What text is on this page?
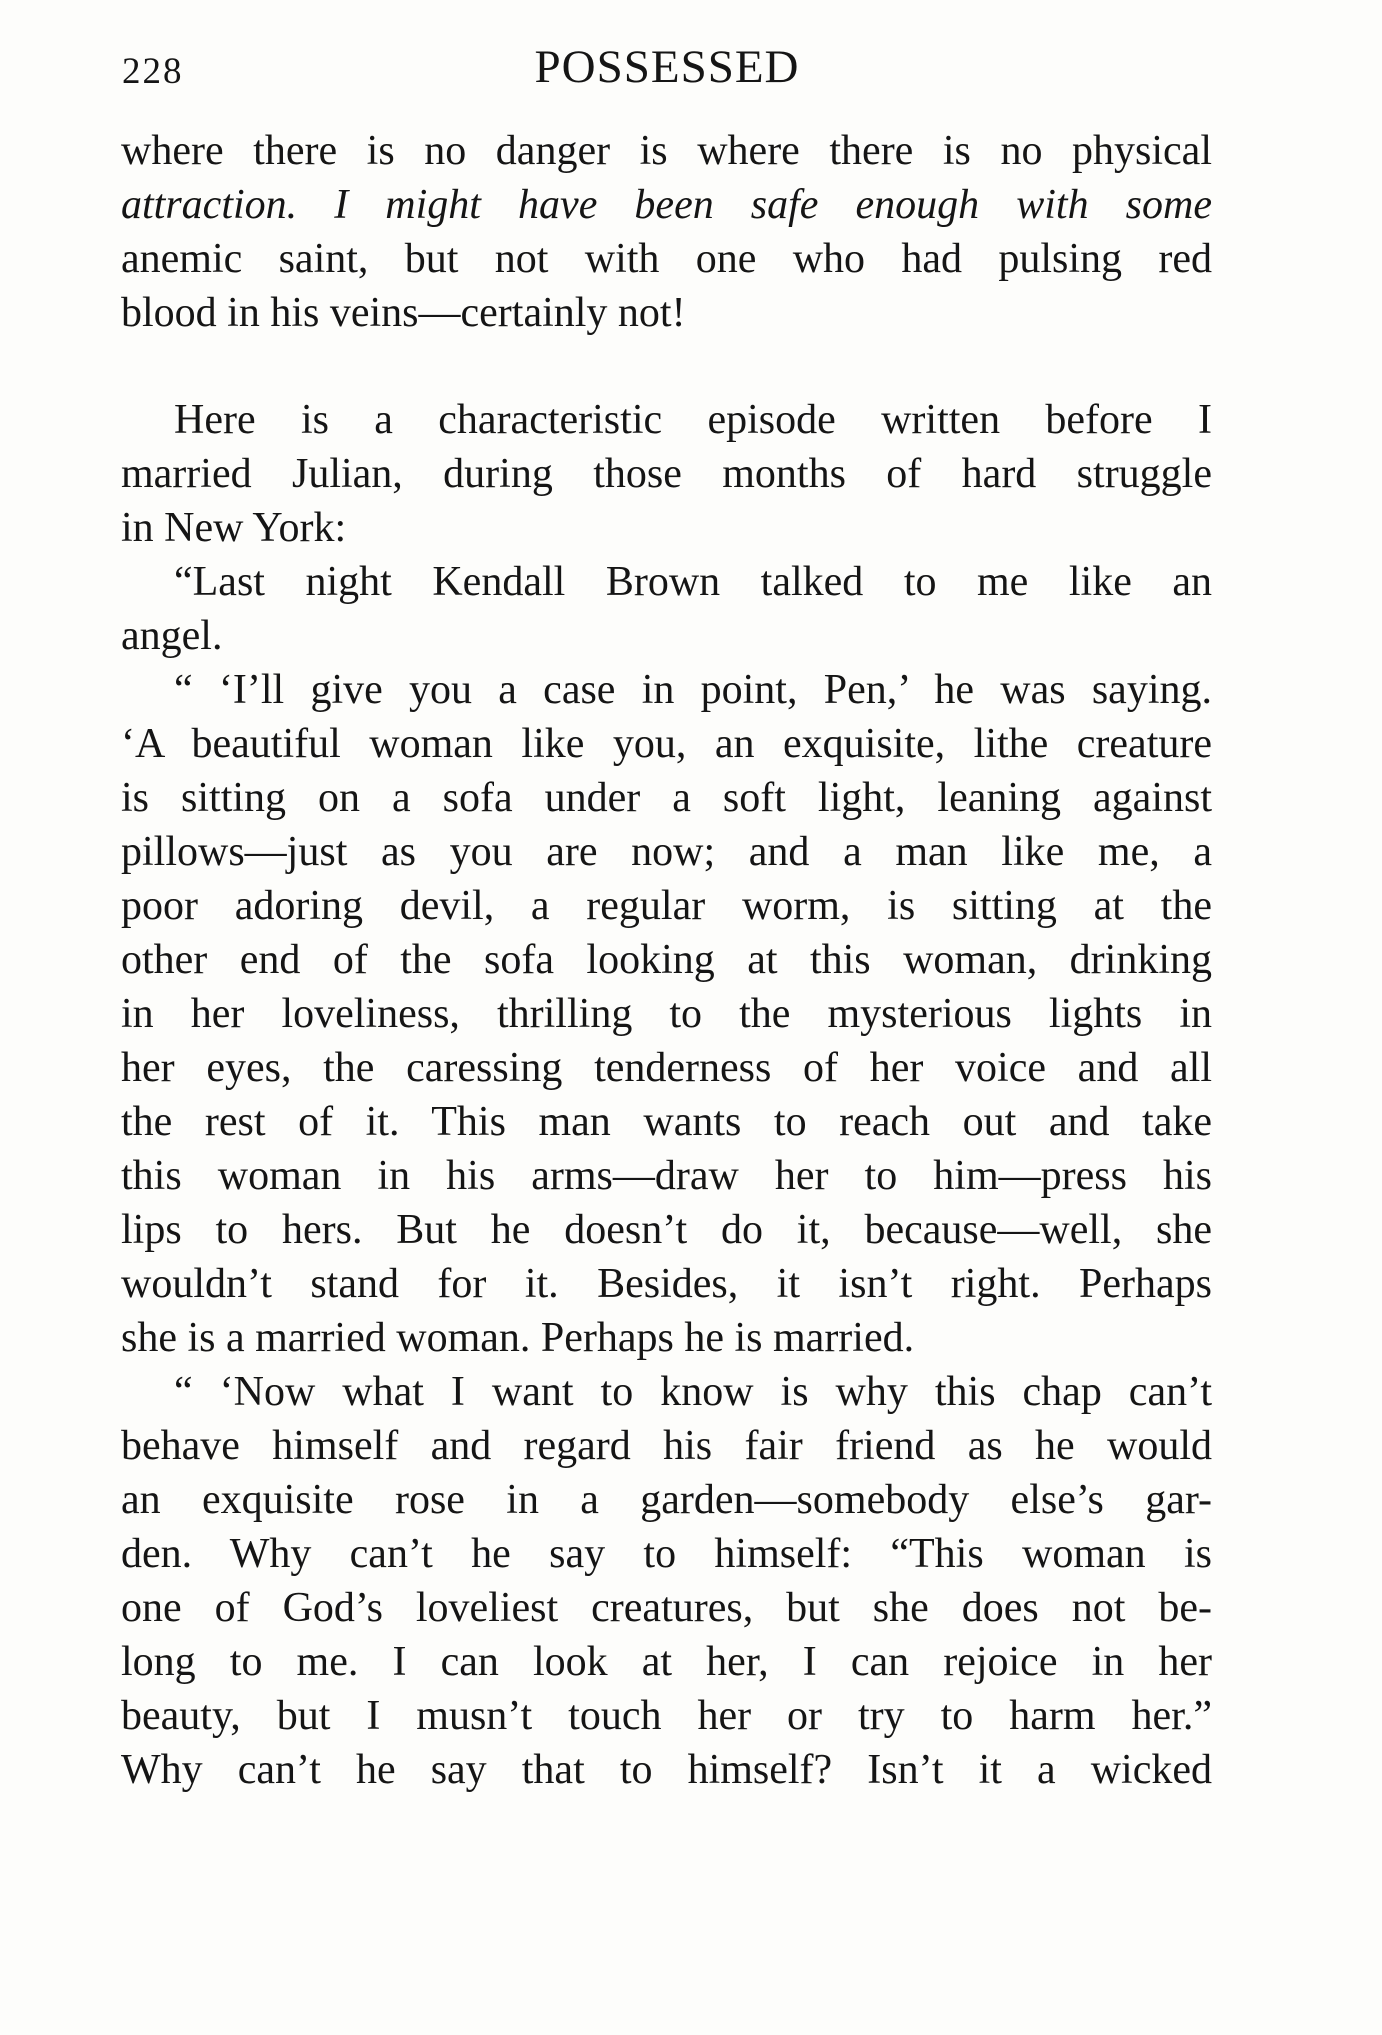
228	POSSESSED
where there is no danger is where there is no physical
attraction. I might have been safe enough with some
anemic saint, but not with one who had pulsing red
blood in his veins—certainly not!
Here is a characteristic episode written before I
married Julian, during those months of hard struggle
in New York:
“Last night Kendall Brown talked to me like an
angel.
“ ‘I’ll give you a case in point, Pen,’ he was saying.
‘A beautiful woman like you, an exquisite, lithe creature
is sitting on a sofa under a soft light, leaning against
pillows—just as you are now; and a man like me, a
poor adoring devil, a regular worm, is sitting at the
other end of the sofa looking at this woman, drinking
in her loveliness, thrilling to the mysterious lights in
her eyes, the caressing tenderness of her voice and all
the rest of it. This man wants to reach out and take
this woman in his arms—draw her to him—press his
lips to hers. But he doesn’t do it, because—well, she
wouldn’t stand for it. Besides, it isn’t right. Perhaps
she is a married woman. Perhaps he is married.
“ ‘Now what I want to know is why this chap can’t
behave himself and regard his fair friend as he would
an exquisite rose in a garden—somebody else’s gar-
den. Why can’t he say to himself: “This woman is
one of God’s loveliest creatures, but she does not be-
long to me. I can look at her, I can rejoice in her
beauty, but I musn’t touch her or try to harm her.”
Why can’t he say that to himself? Isn’t it a wicked
